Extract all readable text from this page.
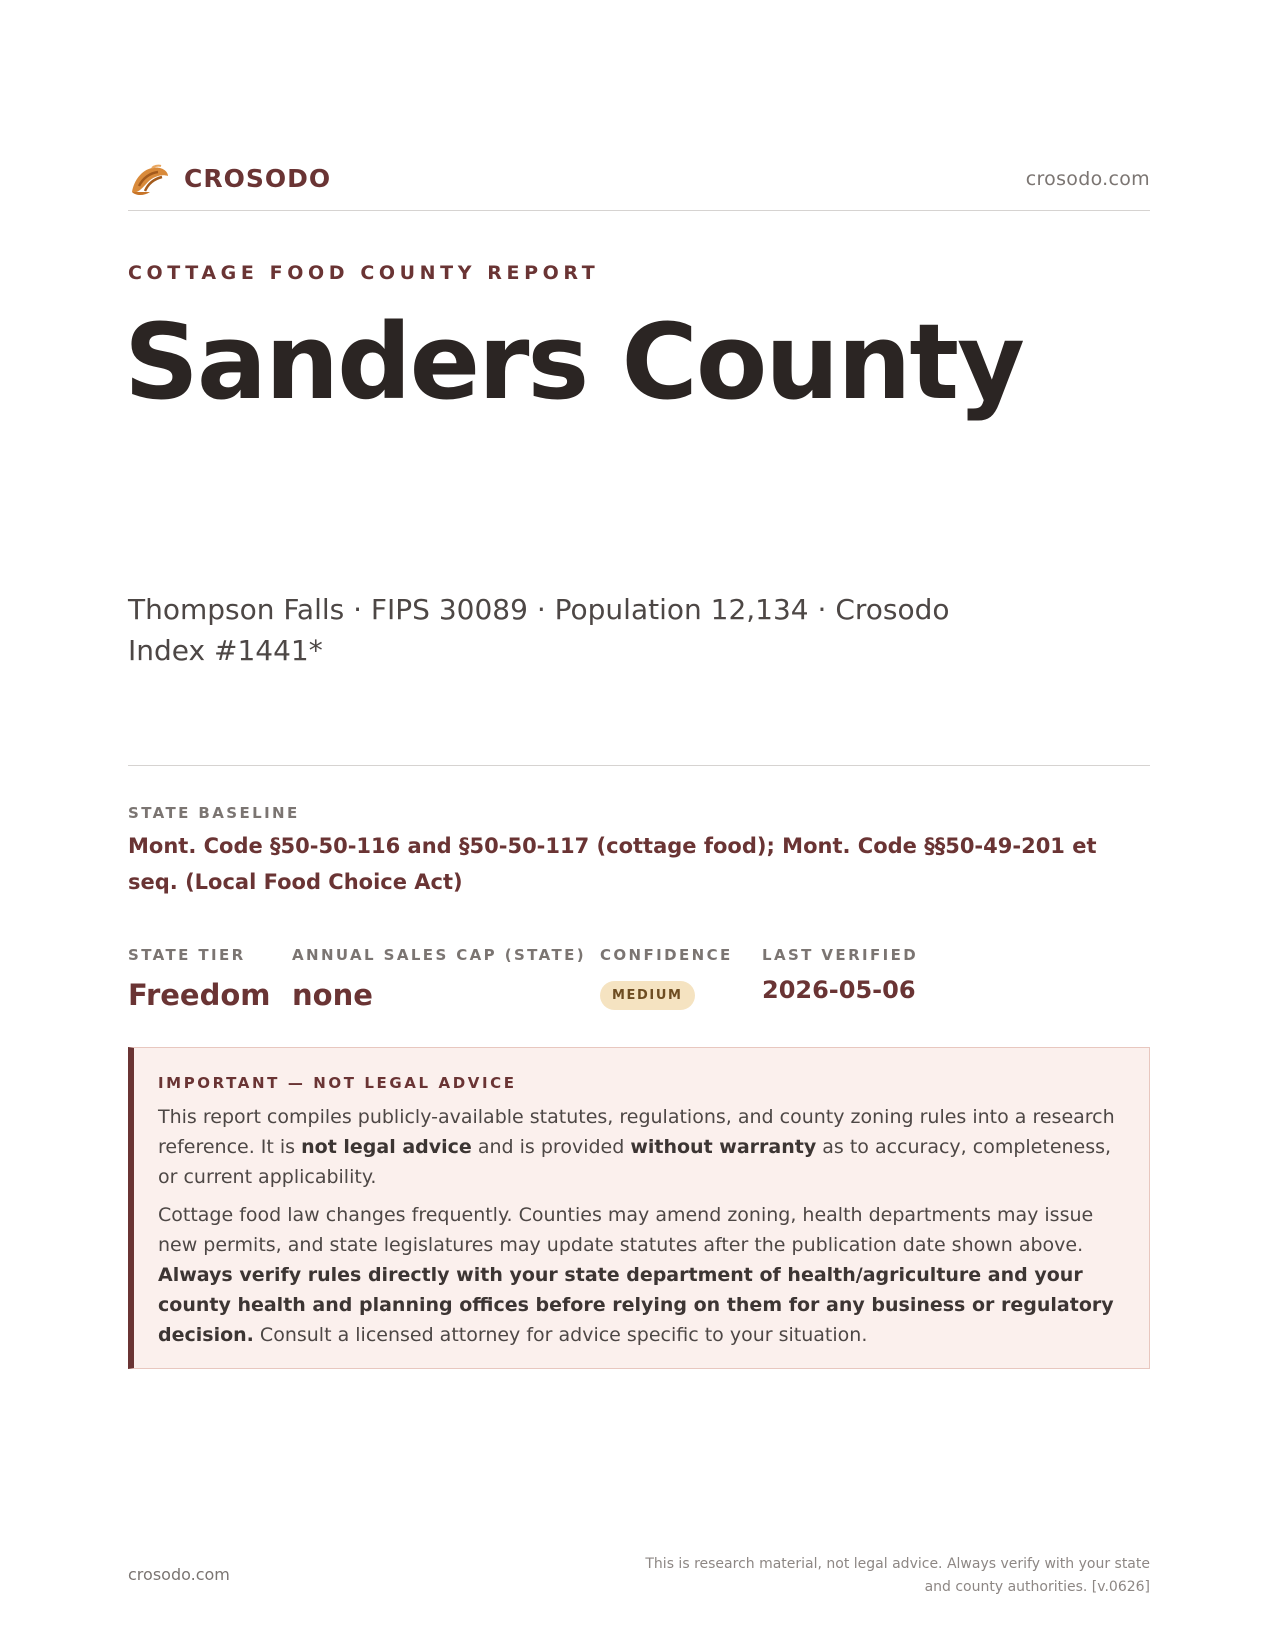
CROSODO	crosodo.com
COTTAGE FOOD COUNTY REPORT
Sanders County
Thompson Falls · FIPS 30089 · Population 12,134 · Crosodo Index #1441*
STATE BASELINE
Mont. Code §50-50-116 and §50-50-117 (cottage food); Mont. Code §§50-49-201 et seq. (Local Food Choice Act)
STATE TIER
Freedom
ANNUAL SALES CAP (STATE)
none
CONFIDENCE
MEDIUM
LAST VERIFIED
2026-05-06
IMPORTANT — NOT LEGAL ADVICE

This report compiles publicly-available statutes, regulations, and county zoning rules into a research reference. It is not legal advice and is provided without warranty as to accuracy, completeness, or current applicability.

Cottage food law changes frequently. Counties may amend zoning, health departments may issue new permits, and state legislatures may update statutes after the publication date shown above. Always verify rules directly with your state department of health/agriculture and your county health and planning offices before relying on them for any business or regulatory decision. Consult a licensed attorney for advice specific to your situation.

crosodo.com
This is research material, not legal advice. Always verify with your state and county authorities. [v.0626]
